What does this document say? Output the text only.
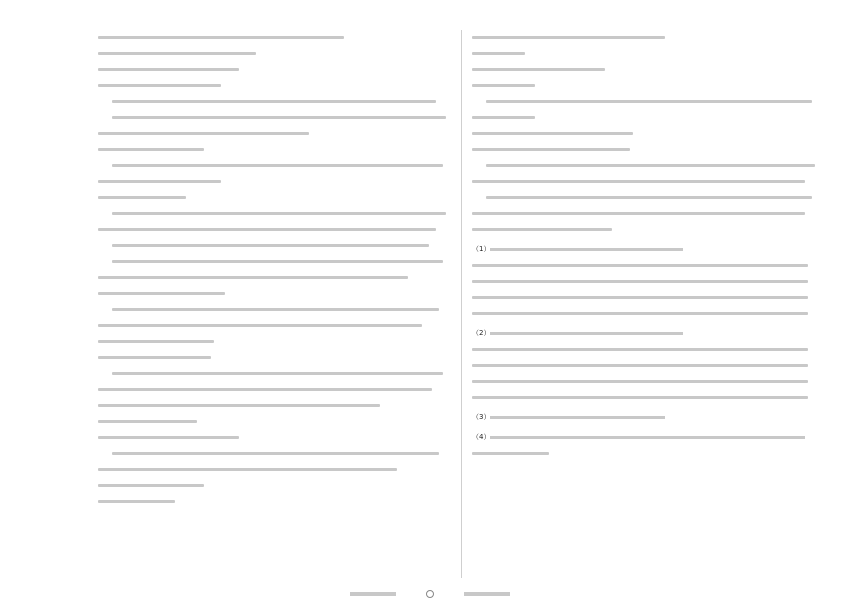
（1）
（2）
（3）
（4）
